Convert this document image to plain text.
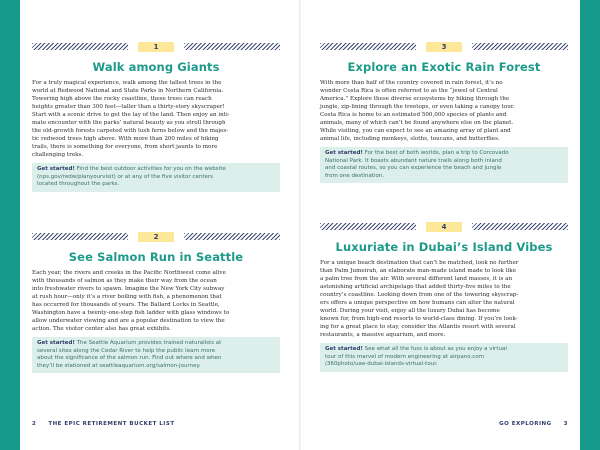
1
Walk among Giants
For a truly magical experience, walk among the tallest trees in the
world at Redwood National and State Parks in Northern California.
Towering high above the rocky coastline, these trees can reach
heights greater than 300 feet—taller than a thirty-story skyscraper!
Start with a scenic drive to get the lay of the land. Then enjoy an inti-
mate encounter with the parks’ natural beauty as you stroll through
the old-growth forests carpeted with lush ferns below and the majes-
tic redwood trees high above. With more than 200 miles of hiking
trails, there is something for everyone, from short jaunts to more
challenging treks.
Get started! Find the best outdoor activities for you on the website
(nps.gov/redw/planyourvisit) or at any of the five visitor centers
located throughout the parks.
2
See Salmon Run in Seattle
Each year, the rivers and creeks in the Pacific Northwest come alive
with thousands of salmon as they make their way from the ocean
into freshwater rivers to spawn. Imagine the New York City subway
at rush hour—only it’s a river boiling with fish, a phenomenon that
has occurred for thousands of years. The Ballard Locks in Seattle,
Washington have a twenty-one-step fish ladder with glass windows to
allow underwater viewing and are a popular destination to view the
action. The visitor center also has great exhibits.
Get started! The Seattle Aquarium provides trained naturalists at
several sites along the Cedar River to help the public learn more
about the significance of the salmon run. Find out where and when
they’ll be stationed at seattleaquarium.org/salmon-journey.
2 THE EPIC RETIREMENT BUCKET LIST
3
Explore an Exotic Rain Forest
With more than half of the country covered in rain forest, it’s no
wonder Costa Rica is often referred to as the “jewel of Central
America.” Explore these diverse ecosystems by hiking through the
jungle, zip-lining through the treetops, or even taking a canopy tour.
Costa Rica is home to an estimated 500,000 species of plants and
animals, many of which can’t be found anywhere else on the planet.
While visiting, you can expect to see an amazing array of plant and
animal life, including monkeys, sloths, toucans, and butterflies.
Get started! For the best of both worlds, plan a trip to Corcovado
National Park. It boasts abundant nature trails along both inland
and coastal routes, so you can experience the beach and jungle
from one destination.
4
Luxuriate in Dubai’s Island Vibes
For a unique beach destination that can’t be matched, look no further
than Palm Jumeirah, an elaborate man-made island made to look like
a palm tree from the air. With several different land masses, it is an
astonishing artificial archipelago that added thirty-five miles to the
country’s coastline. Looking down from one of the towering skyscrap-
ers offers a unique perspective on how humans can alter the natural
world. During your visit, enjoy all the luxury Dubai has become
known for, from high-end resorts to world-class dining. If you’re look-
ing for a great place to stay, consider the Atlantis resort with several
restaurants, a massive aquarium, and more.
Get started! See what all the fuss is about as you enjoy a virtual
tour of this marvel of modern engineering at airpano.com
/360photo/uae-dubai-islands-virtual-tour.
GO EXPLORING 3
